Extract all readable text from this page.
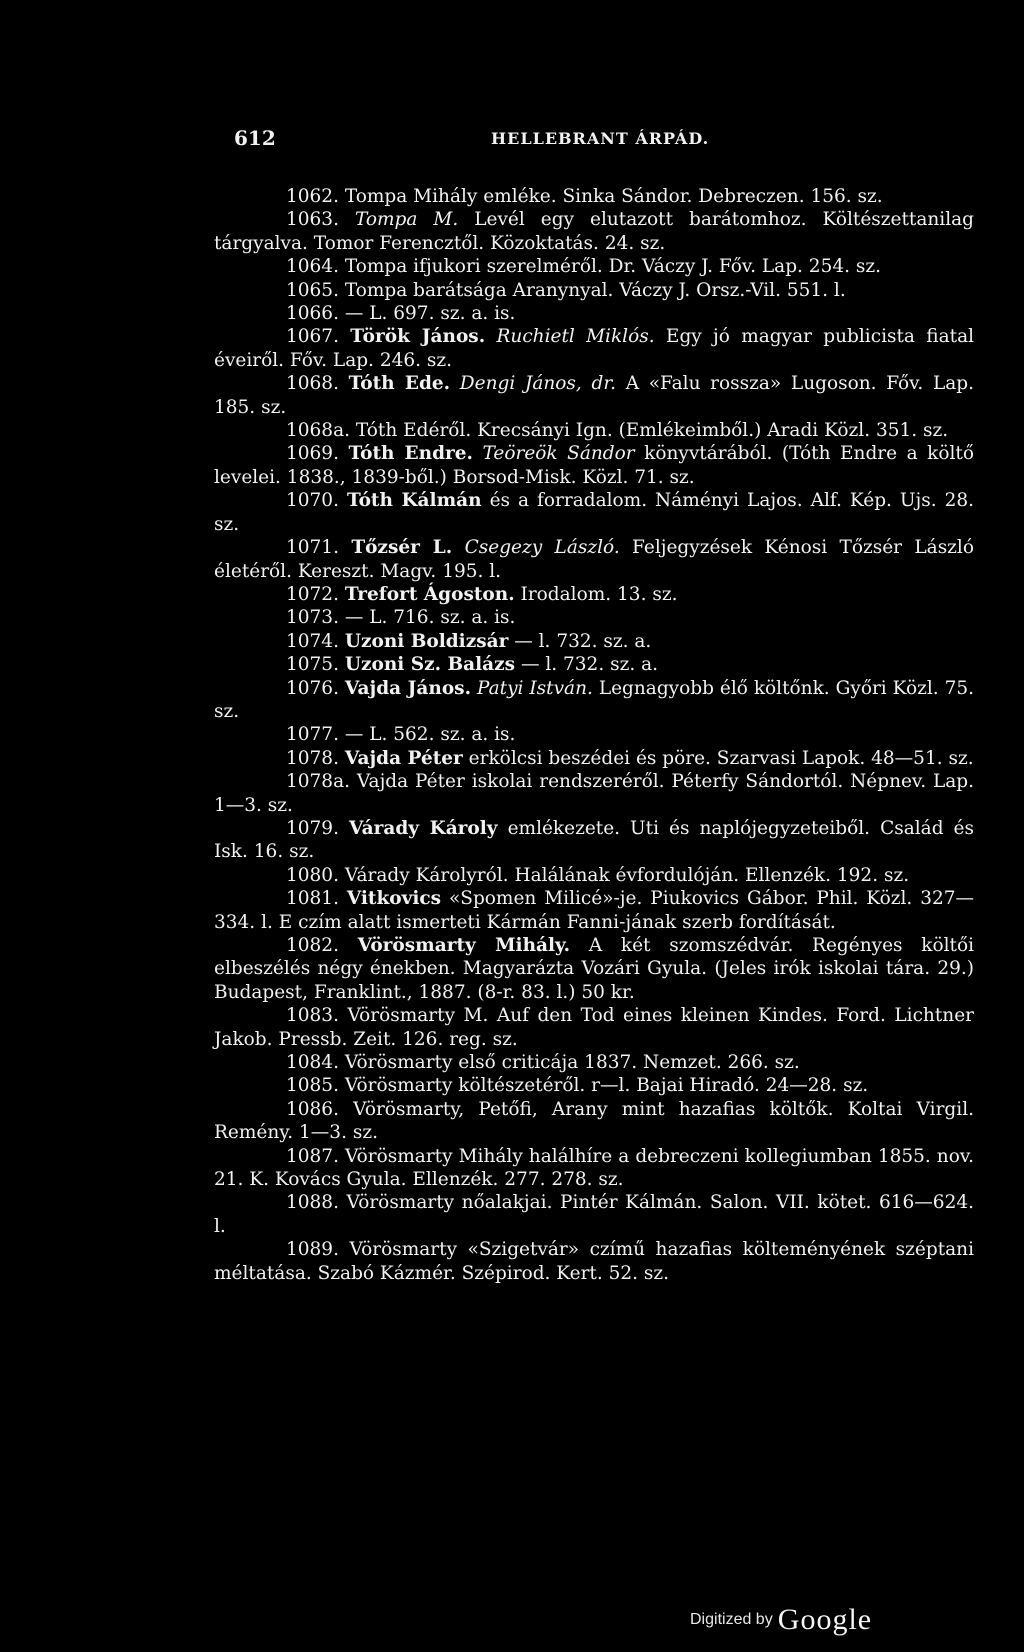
612	HELLEBRANT ÁRPÁD.

1062. Tompa Mihály emléke. Sinka Sándor. Debreczen. 156. sz.

1063. Tompa M. Levél egy elutazott barátomhoz. Költészettanilag tárgyalva. Tomor Ferencztől. Közoktatás. 24. sz.

1064. Tompa ifjukori szerelméről. Dr. Váczy J. Főv. Lap. 254. sz.

1065. Tompa barátsága Aranynyal. Váczy J. Orsz.-Vil. 551. l.

1066. — L. 697. sz. a. is.

1067. Török János. Ruchietl Miklós. Egy jó magyar publicista fiatal éveiről. Főv. Lap. 246. sz.

1068. Tóth Ede. Dengi János, dr. A «Falu rossza» Lugoson. Főv. Lap. 185. sz.

1068a. Tóth Edéről. Krecsányi Ign. (Emlékeimből.) Aradi Közl. 351. sz.

1069. Tóth Endre. Teöreök Sándor könyvtárából. (Tóth Endre a költő levelei. 1838., 1839-ből.) Borsod-Misk. Közl. 71. sz.

1070. Tóth Kálmán és a forradalom. Náményi Lajos. Alf. Kép. Ujs. 28. sz.

1071. Tőzsér L. Csegezy László. Feljegyzések Kénosi Tőzsér László életéről. Kereszt. Magv. 195. l.

1072. Trefort Ágoston. Irodalom. 13. sz.

1073. — L. 716. sz. a. is.

1074. Uzoni Boldizsár — l. 732. sz. a.

1075. Uzoni Sz. Balázs — l. 732. sz. a.

1076. Vajda János. Patyi István. Legnagyobb élő költőnk. Győri Közl. 75. sz.

1077. — L. 562. sz. a. is.

1078. Vajda Péter erkölcsi beszédei és pöre. Szarvasi Lapok. 48—51. sz.

1078a. Vajda Péter iskolai rendszeréről. Péterfy Sándortól. Népnev. Lap. 1—3. sz.

1079. Várady Károly emlékezete. Uti és naplójegyzeteiből. Család és Isk. 16. sz.

1080. Várady Károlyról. Halálának évfordulóján. Ellenzék. 192. sz.

1081. Vitkovics «Spomen Milicé»-je. Piukovics Gábor. Phil. Közl. 327—334. l. E czím alatt ismerteti Kármán Fanni-jának szerb fordítását.

1082. Vörösmarty Mihály. A két szomszédvár. Regényes költői elbeszélés négy énekben. Magyarázta Vozári Gyula. (Jeles irók iskolai tára. 29.) Budapest, Franklint., 1887. (8-r. 83. l.) 50 kr.

1083. Vörösmarty M. Auf den Tod eines kleinen Kindes. Ford. Lichtner Jakob. Pressb. Zeit. 126. reg. sz.

1084. Vörösmarty első criticája 1837. Nemzet. 266. sz.

1085. Vörösmarty költészetéről. r—l. Bajai Hiradó. 24—28. sz.

1086. Vörösmarty, Petőfi, Arany mint hazafias költők. Koltai Virgil. Remény. 1—3. sz.

1087. Vörösmarty Mihály halálhíre a debreczeni kollegiumban 1855. nov. 21. K. Kovács Gyula. Ellenzék. 277. 278. sz.

1088. Vörösmarty nőalakjai. Pintér Kálmán. Salon. VII. kötet. 616—624. l.

1089. Vörösmarty «Szigetvár» czímű hazafias költeményének széptani méltatása. Szabó Kázmér. Szépirod. Kert. 52. sz.

Digitized by Google
